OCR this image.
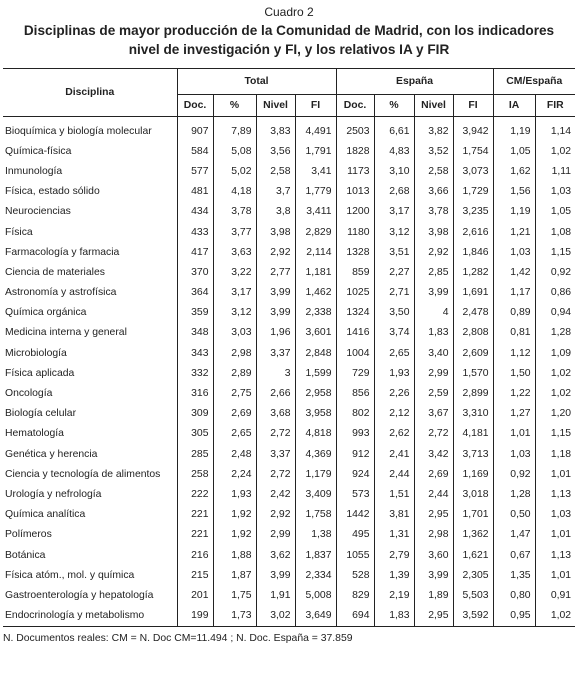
Cuadro 2
Disciplinas de mayor producción de la Comunidad de Madrid, con los indicadores nivel de investigación y FI, y los relativos IA y FIR
Disciplina	Total				España				CM/España	
	Doc.	%	Nivel	FI	Doc.	%	Nivel	FI	IA	FIR
Bioquímica y biología molecular	907	7,89	3,83	4,491	2503	6,61	3,82	3,942	1,19	1,14
Química-física	584	5,08	3,56	1,791	1828	4,83	3,52	1,754	1,05	1,02
Inmunología	577	5,02	2,58	3,41	1173	3,10	2,58	3,073	1,62	1,11
Física, estado sólido	481	4,18	3,7	1,779	1013	2,68	3,66	1,729	1,56	1,03
Neurociencias	434	3,78	3,8	3,411	1200	3,17	3,78	3,235	1,19	1,05
Física	433	3,77	3,98	2,829	1180	3,12	3,98	2,616	1,21	1,08
Farmacología y farmacia	417	3,63	2,92	2,114	1328	3,51	2,92	1,846	1,03	1,15
Ciencia de materiales	370	3,22	2,77	1,181	859	2,27	2,85	1,282	1,42	0,92
Astronomía y astrofísica	364	3,17	3,99	1,462	1025	2,71	3,99	1,691	1,17	0,86
Química orgánica	359	3,12	3,99	2,338	1324	3,50	4	2,478	0,89	0,94
Medicina interna y general	348	3,03	1,96	3,601	1416	3,74	1,83	2,808	0,81	1,28
Microbiología	343	2,98	3,37	2,848	1004	2,65	3,40	2,609	1,12	1,09
Física aplicada	332	2,89	3	1,599	729	1,93	2,99	1,570	1,50	1,02
Oncología	316	2,75	2,66	2,958	856	2,26	2,59	2,899	1,22	1,02
Biología celular	309	2,69	3,68	3,958	802	2,12	3,67	3,310	1,27	1,20
Hematología	305	2,65	2,72	4,818	993	2,62	2,72	4,181	1,01	1,15
Genética y herencia	285	2,48	3,37	4,369	912	2,41	3,42	3,713	1,03	1,18
Ciencia y tecnología de alimentos	258	2,24	2,72	1,179	924	2,44	2,69	1,169	0,92	1,01
Urología y nefrología	222	1,93	2,42	3,409	573	1,51	2,44	3,018	1,28	1,13
Química analítica	221	1,92	2,92	1,758	1442	3,81	2,95	1,701	0,50	1,03
Polímeros	221	1,92	2,99	1,38	495	1,31	2,98	1,362	1,47	1,01
Botánica	216	1,88	3,62	1,837	1055	2,79	3,60	1,621	0,67	1,13
Física atóm., mol. y química	215	1,87	3,99	2,334	528	1,39	3,99	2,305	1,35	1,01
Gastroenterología y hepatología	201	1,75	1,91	5,008	829	2,19	1,89	5,503	0,80	0,91
Endocrinología y metabolismo	199	1,73	3,02	3,649	694	1,83	2,95	3,592	0,95	1,02
N. Documentos reales: CM = N. Doc CM=11.494 ; N. Doc. España = 37.859
